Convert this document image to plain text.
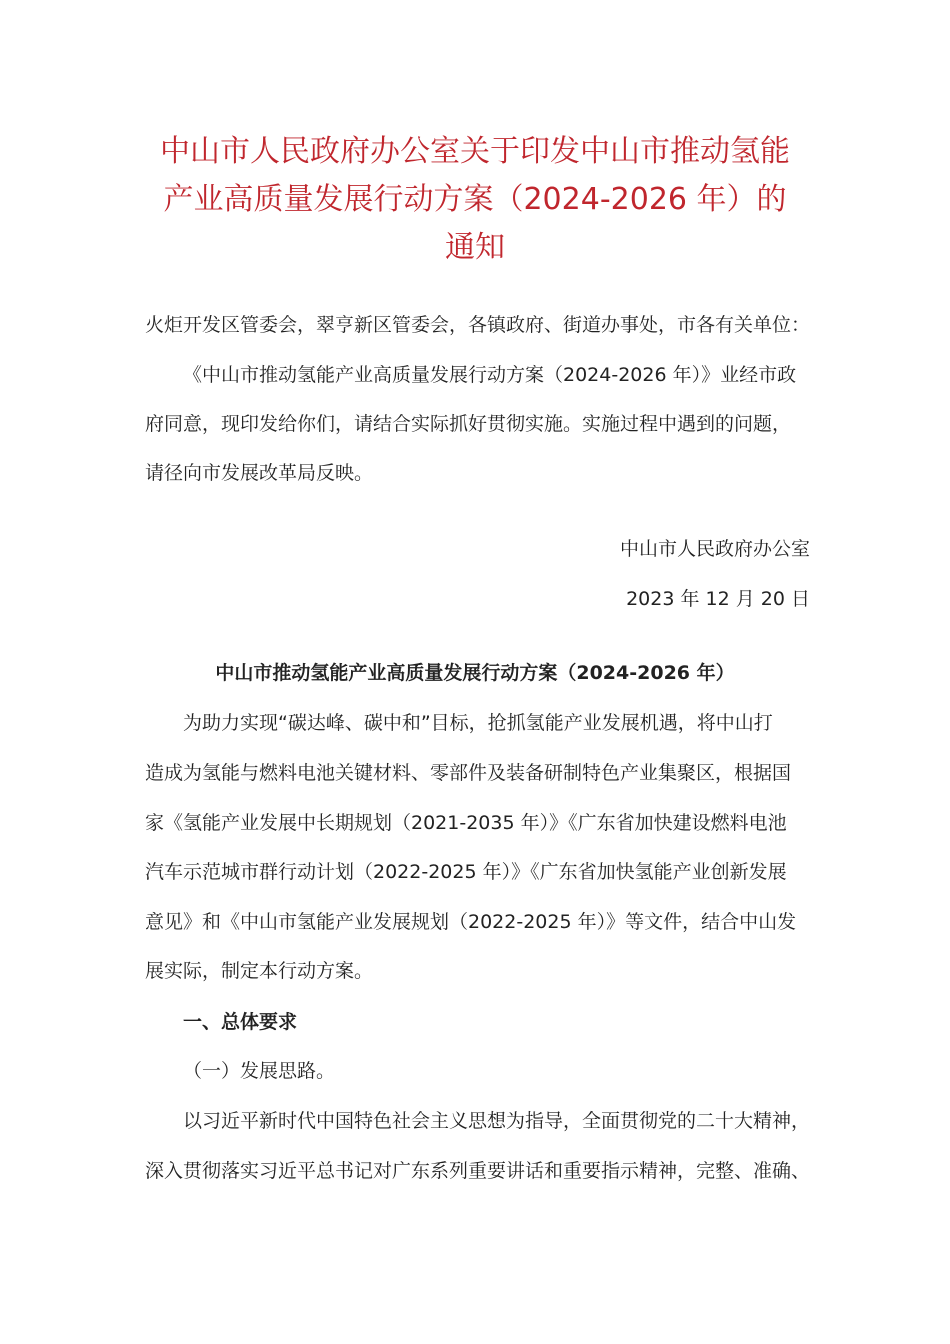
中山市人民政府办公室关于印发中山市推动氢能
产业高质量发展行动方案（2024-2026 年）的
通知

火炬开发区管委会，翠亨新区管委会，各镇政府、街道办事处，市各有关单位：

《中山市推动氢能产业高质量发展行动方案（2024-2026 年）》业经市政

府同意，现印发给你们，请结合实际抓好贯彻实施。实施过程中遇到的问题，

请径向市发展改革局反映。

中山市人民政府办公室

2023 年 12 月 20 日

中山市推动氢能产业高质量发展行动方案（2024-2026 年）

为助力实现“碳达峰、碳中和”目标，抢抓氢能产业发展机遇，将中山打

造成为氢能与燃料电池关键材料、零部件及装备研制特色产业集聚区，根据国

家《氢能产业发展中长期规划（2021-2035 年）》《广东省加快建设燃料电池

汽车示范城市群行动计划（2022-2025 年）》《广东省加快氢能产业创新发展

意见》和《中山市氢能产业发展规划（2022-2025 年）》等文件，结合中山发

展实际，制定本行动方案。

一、总体要求

（一）发展思路。

以习近平新时代中国特色社会主义思想为指导，全面贯彻党的二十大精神，

深入贯彻落实习近平总书记对广东系列重要讲话和重要指示精神，完整、准确、
